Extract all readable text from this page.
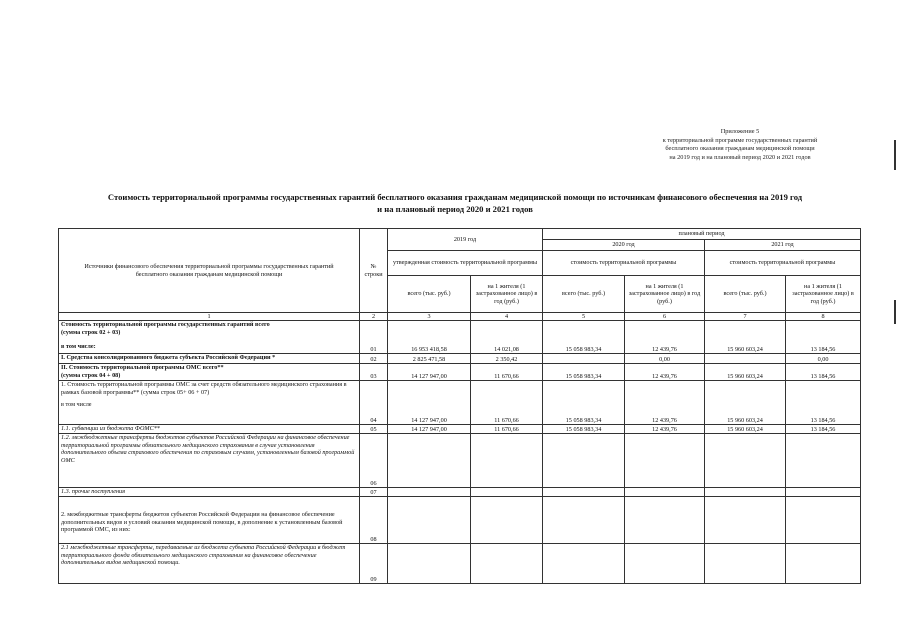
Приложение 5
к территориальной программе государственных гарантий
бесплатного оказания гражданам медицинской помощи
на 2019 год и на плановый период 2020 и 2021 годов
Стоимость территориальной программы государственных гарантий бесплатного оказания гражданам медицинской помощи по источникам финансового обеспечения на 2019 год
и на плановый период 2020 и 2021 годов
Источники финансового обеспечения территориальной программы государственных гарантий бесплатного оказания гражданам медицинской помощи	№ строки	2019 год		плановый период			
				2020 год		2021 год	
		утвержденная стоимость территориальной программы		стоимость территориальной программы		стоимость территориальной программы	
		всего (тыс. руб.)	на 1 жителя (1 застрахованное лицо) в год (руб.)	всего (тыс. руб.)	на 1 жителя (1 застрахованное лицо) в год (руб.)	всего (тыс. руб.)	на 1 жителя (1 застрахованное лицо) в год (руб.)
1	2	3	4	5	6	7	8

Стоимость территориальной программы государственных гарантий всего
(сумма строк 02 + 03)
в том числе:	01	16 953 418,58	14 021,08	15 058 983,34	12 439,76	15 960 603,24	13 184,56
I. Средства консолидированного бюджета субъекта Российской Федерации *	02	2 825 471,58	2 350,42		0,00		0,00

II. Стоимость территориальной программы ОМС всего**
(сумма строк 04 + 08)	03	14 127 947,00	11 670,66	15 058 983,34	12 439,76	15 960 603,24	13 184,56

1. Стоимость территориальной программы ОМС за счет средств обязательного медицинского страхования в рамках базовой программы** (сумма строк 05+ 06 + 07)
в том числе	04	14 127 947,00	11 670,66	15 058 983,34	12 439,76	15 960 603,24	13 184,56
1.1. субвенции из бюджета ФОМС**	05	14 127 947,00	11 670,66	15 058 983,34	12 439,76	15 960 603,24	13 184,56
1.2. межбюджетные трансферты бюджетов субъектов Российской Федерации на финансовое обеспечение территориальной программы обязательного медицинского страхования в случае установления дополнительного объема страхового обеспечения по страховым случаям, установленным базовой программой ОМС	06						
1.3. прочие поступления	07						

2. межбюджетные трансферты бюджетов субъектов Российской Федерации на финансовое обеспечение дополнительных видов и условий оказания медицинской помощи, в дополнение к установленным базовой программой ОМС, из них:	08						
2.1 межбюджетные трансферты, передаваемые из бюджета субъекта Российской Федерации в бюджет территориального фонда обязательного медицинского страхования на финансовое обеспечение дополнительных видов медицинской помощи.	09						
